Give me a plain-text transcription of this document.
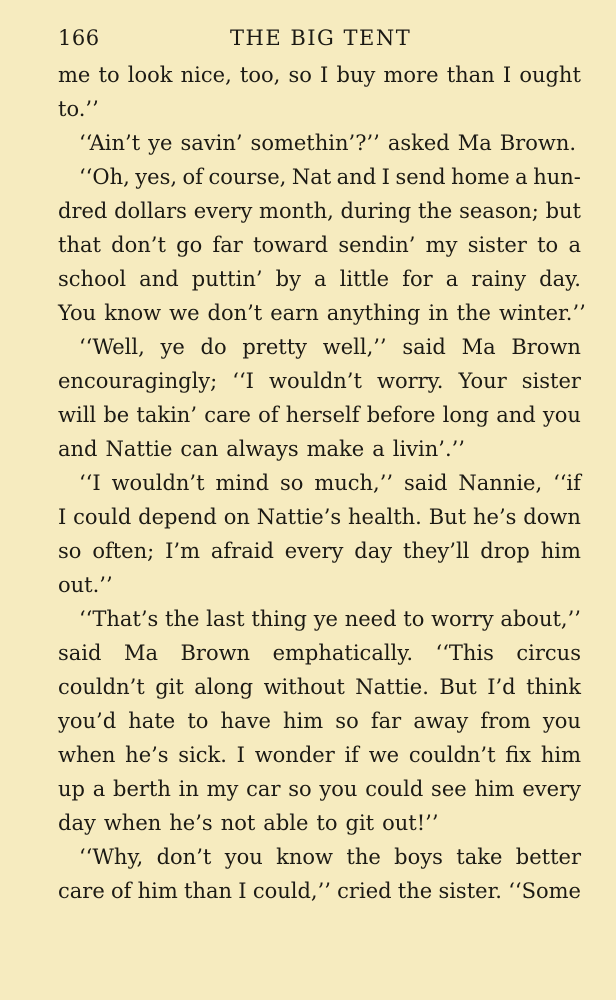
166	THE BIG TENT
me to look nice, too, so I buy more than I ought
to.’’
‘‘Ain’t ye savin’ somethin’?’’ asked Ma Brown.
‘‘Oh, yes, of course, Nat and I send home a hun-
dred dollars every month, during the season; but
that don’t go far toward sendin’ my sister to a
school and puttin’ by a little for a rainy day.
You know we don’t earn anything in the winter.’’
‘‘Well, ye do pretty well,’’ said Ma Brown
encouragingly; ‘‘I wouldn’t worry. Your sister
will be takin’ care of herself before long and you
and Nattie can always make a livin’.’’
‘‘I wouldn’t mind so much,’’ said Nannie, ‘‘if
I could depend on Nattie’s health. But he’s down
so often; I’m afraid every day they’ll drop him
out.’’
‘‘That’s the last thing ye need to worry about,’’
said Ma Brown emphatically. ‘‘This circus
couldn’t git along without Nattie. But I’d think
you’d hate to have him so far away from you
when he’s sick. I wonder if we couldn’t fix him
up a berth in my car so you could see him every
day when he’s not able to git out!’’
‘‘Why, don’t you know the boys take better
care of him than I could,’’ cried the sister. ‘‘Some
